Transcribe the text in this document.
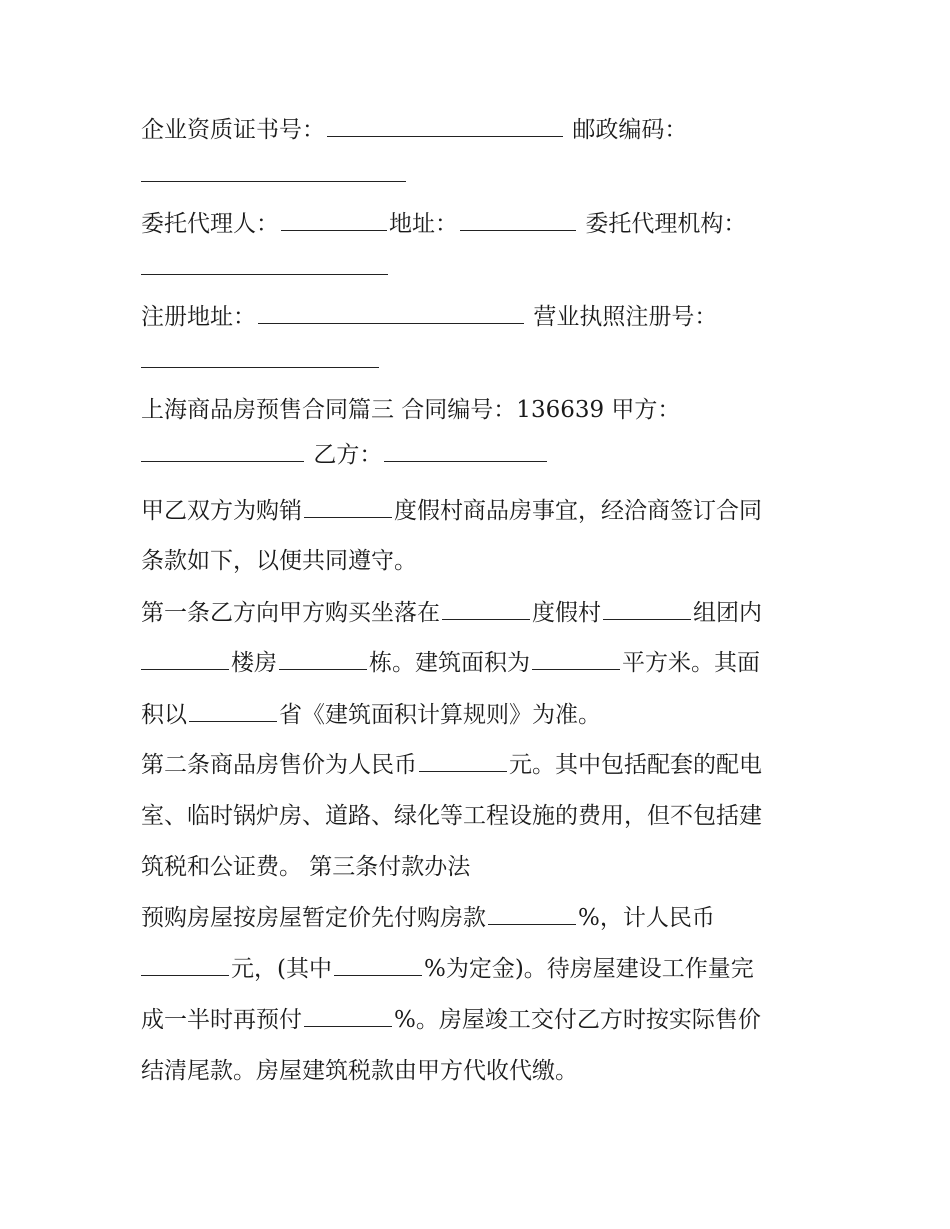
企业资质证书号：	邮政编码：
委托代理人：	地址：	委托代理机构：
注册地址：	营业执照注册号：
上海商品房预售合同篇三 合同编号：136639 甲方：
乙方：
甲乙双方为购销	度假村商品房事宜，经洽商签订合同
条款如下，以便共同遵守。
第一条乙方向甲方购买坐落在	度假村	组团内
楼房	栋。建筑面积为	平方米。其面
积以	省《建筑面积计算规则》为准。
第二条商品房售价为人民币	元。其中包括配套的配电
室、临时锅炉房、道路、绿化等工程设施的费用，但不包括建
筑税和公证费。 第三条付款办法
预购房屋按房屋暂定价先付购房款	%，计人民币
元，(其中	%为定金)。待房屋建设工作量完
成一半时再预付	%。房屋竣工交付乙方时按实际售价
结清尾款。房屋建筑税款由甲方代收代缴。
